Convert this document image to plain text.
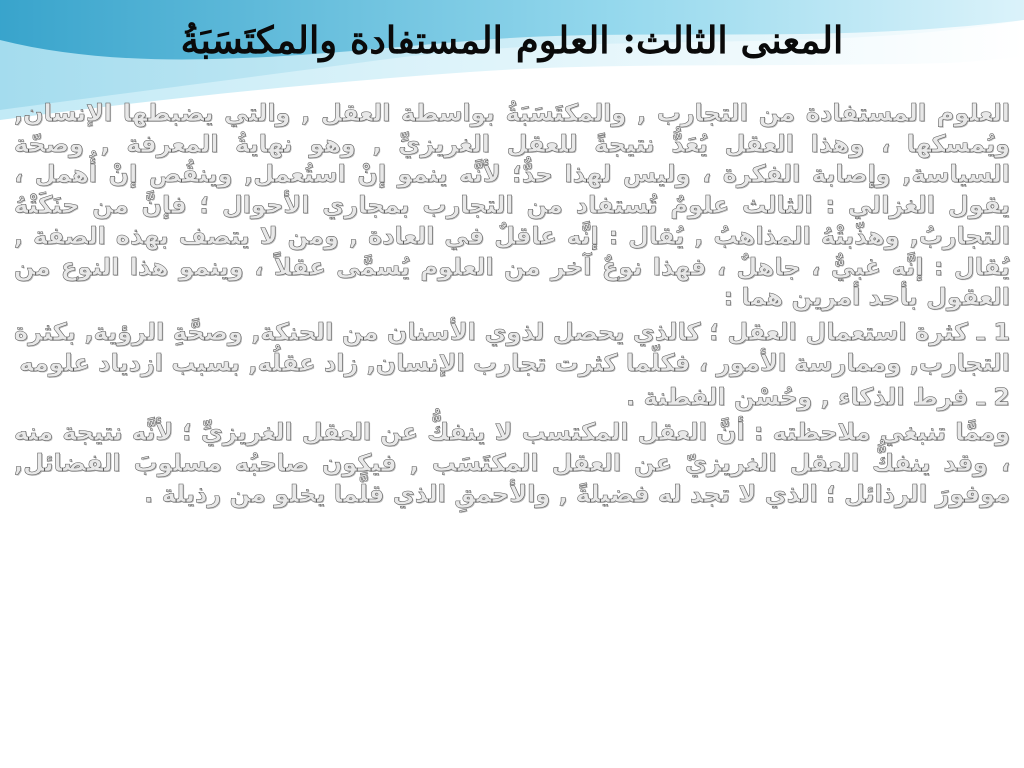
المعنى الثالث: العلوم المستفادة والمكتَسَبَةُ

العلوم المستفادة من التجارب , والمكتَسَبَةُ بواسطة العقل , والتي يضبطها الإنسان, ويُمسكها ، وهذا العقل يُعَدُّ نتيجةً للعقل الغريزيِّ , وهو نهايةُ المعرفة , وصحّة السياسة, وإصابة الفكرة ، وليس لهذا حدٌّ؛ لأنَّه ينمو إنْ استُعمل, وينقُص إنْ أُهمل ، يقول الغزالي : الثالث علومٌ تُستفاد من التجارب بمجاري الأحوال ؛ فإنَّ من حنَكَتْهُ التجاربُ, وهذّبتْهُ المذاهبُ , يُقال : إنَّه عاقلٌ في العادة , ومن لا يتصف بهذه الصفة , يُقال : إنَّه غبيٌّ ، جاهلٌ ، فهذا نوعٌ آخر من العلوم يُسمَّى عقلاً ، وينمو هذا النوع من العقول بأحد أمرين هما :

1 ـ كثرة استعمال العقل ؛ كالذي يحصل لذوي الأسنان من الحنكة, وصحَّةِ الرؤية, بكثرة التجارب, وممارسة الأمور ، فكلّما كثرت تجارب الإنسان, زاد عقلُه, بسبب ازدياد علومه

2 ـ فرط الذكاء , وحُسْن الفطنة .

وممَّا تنبغي ملاحظته : أنَّ العقل المكتسب لا ينفكُّ عن العقل الغريزيِّ ؛ لأنَّه نتيجة منه ، وقد ينفكُّ العقل الغريزيّ عن العقل المكتَسَب , فيكون صاحبُه مسلوبَ الفضائل, موفورَ الرذائل ؛ الذي لا تجد له فضيلةً , والأحمقِ الذي قلَّما يخلو من رذيلة .
